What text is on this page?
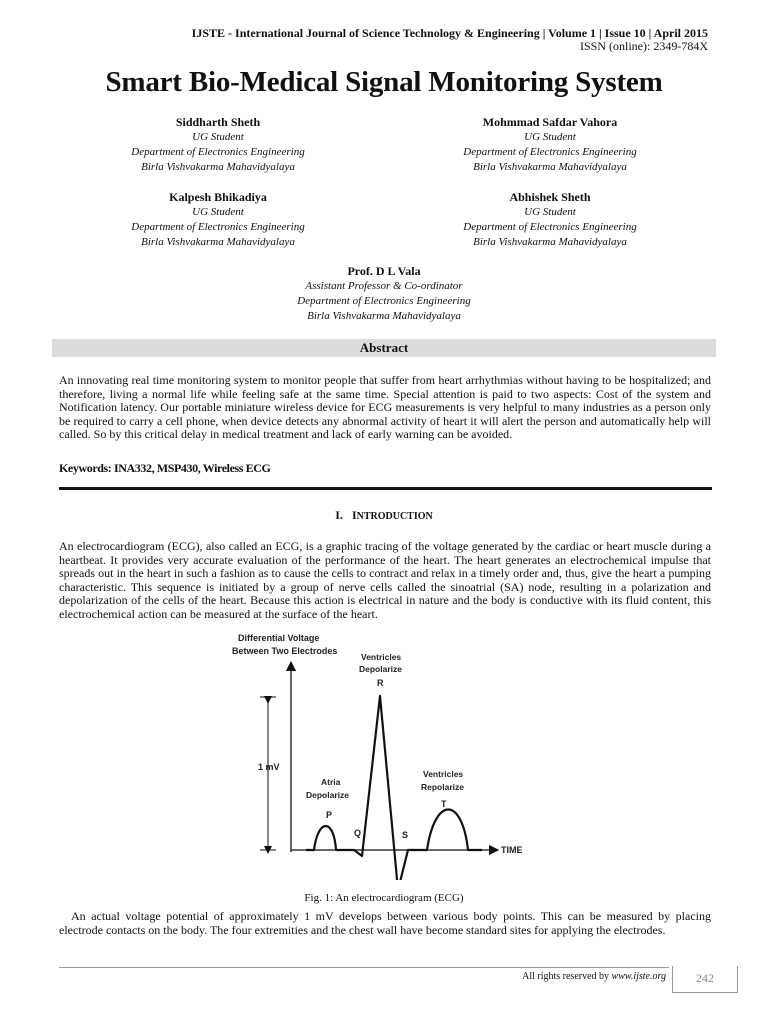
IJSTE - International Journal of Science Technology & Engineering | Volume 1 | Issue 10 | April 2015
ISSN (online): 2349-784X
Smart Bio-Medical Signal Monitoring System
Siddharth Sheth
UG Student
Department of Electronics Engineering
Birla Vishvakarma Mahavidyalaya
Mohmmad Safdar Vahora
UG Student
Department of Electronics Engineering
Birla Vishvakarma Mahavidyalaya
Kalpesh Bhikadiya
UG Student
Department of Electronics Engineering
Birla Vishvakarma Mahavidyalaya
Abhishek Sheth
UG Student
Department of Electronics Engineering
Birla Vishvakarma Mahavidyalaya
Prof. D L Vala
Assistant Professor & Co-ordinator
Department of Electronics Engineering
Birla Vishvakarma Mahavidyalaya
Abstract
An innovating real time monitoring system to monitor people that suffer from heart arrhythmias without having to be hospitalized; and therefore, living a normal life while feeling safe at the same time. Special attention is paid to two aspects: Cost of the system and Notification latency. Our portable miniature wireless device for ECG measurements is very helpful to many industries as a person only be required to carry a cell phone, when device detects any abnormal activity of heart it will alert the person and automatically help will called. So by this critical delay in medical treatment and lack of early warning can be avoided.
Keywords: INA332, MSP430, Wireless ECG
I. INTRODUCTION
An electrocardiogram (ECG), also called an ECG, is a graphic tracing of the voltage generated by the cardiac or heart muscle during a heartbeat. It provides very accurate evaluation of the performance of the heart. The heart generates an electrochemical impulse that spreads out in the heart in such a fashion as to cause the cells to contract and relax in a timely order and, thus, give the heart a pumping characteristic. This sequence is initiated by a group of nerve cells called the sinoatrial (SA) node, resulting in a polarization and depolarization of the cells of the heart. Because this action is electrical in nature and the body is conductive with its fluid content, this electrochemical action can be measured at the surface of the heart.
Differential Voltage
Between Two Electrodes
Ventricles
Depolarize
R
1 mV
Atria
Depolarize
Ventricles
Repolarize
T
P
Q	S
TIME
Fig. 1: An electrocardiogram (ECG)
An actual voltage potential of approximately 1 mV develops between various body points. This can be measured by placing electrode contacts on the body. The four extremities and the chest wall have become standard sites for applying the electrodes.
All rights reserved by www.ijste.org	242
